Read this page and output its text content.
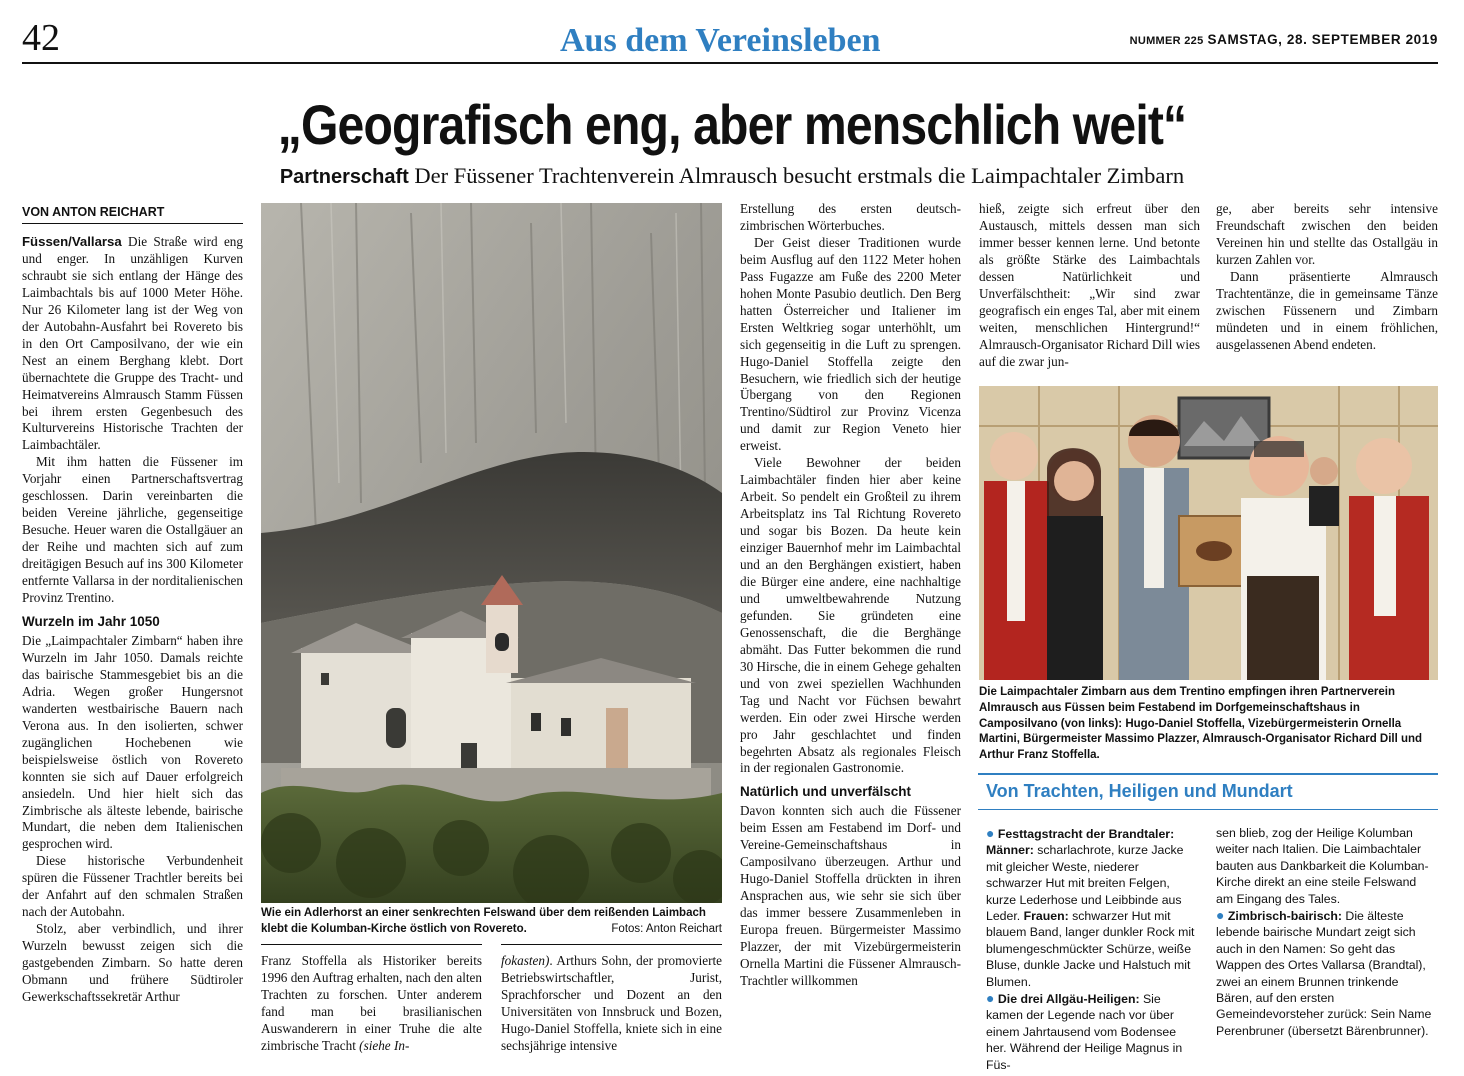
42	Aus dem Vereinsleben	NUMMER 225 SAMSTAG, 28. SEPTEMBER 2019
„Geografisch eng, aber menschlich weit“
Partnerschaft Der Füssener Trachtenverein Almrausch besucht erstmals die Laimpachtaler Zimbarn
VON ANTON REICHART

Füssen/Vallarsa Die Straße wird eng und enger. In unzähligen Kurven schraubt sie sich entlang der Hänge des Laimbachtals bis auf 1000 Meter Höhe. Nur 26 Kilometer lang ist der Weg von der Autobahn-Ausfahrt bei Rovereto bis in den Ort Camposilvano, der wie ein Nest an einem Berghang klebt. Dort übernachtete die Gruppe des Tracht- und Heimatvereins Almrausch Stamm Füssen bei ihrem ersten Gegenbesuch des Kulturvereins Historische Trachten der Laimbachtäler.

Mit ihm hatten die Füssener im Vorjahr einen Partnerschaftsvertrag geschlossen. Darin vereinbarten die beiden Vereine jährliche, gegenseitige Besuche. Heuer waren die Ostallgäuer an der Reihe und machten sich auf zum dreitägigen Besuch auf ins 300 Kilometer entfernte Vallarsa in der norditalienischen Provinz Trentino.

Wurzeln im Jahr 1050

Die „Laimpachtaler Zimbarn“ haben ihre Wurzeln im Jahr 1050. Damals reichte das bairische Stammesgebiet bis an die Adria. Wegen großer Hungersnot wanderten westbairische Bauern nach Verona aus. In den isolierten, schwer zugänglichen Hochebenen wie beispielsweise östlich von Rovereto konnten sie sich auf Dauer erfolgreich ansiedeln. Und hier hielt sich das Zimbrische als älteste lebende, bairische Mundart, die neben dem Italienischen gesprochen wird.

Diese historische Verbundenheit spüren die Füssener Trachtler bereits bei der Anfahrt auf den schmalen Straßen nach der Autobahn.

Stolz, aber verbindlich, und ihrer Wurzeln bewusst zeigen sich die gastgebenden Zimbarn. So hatte deren Obmann und frühere Südtiroler Gewerkschaftssekretär Arthur

Wie ein Adlerhorst an einer senkrechten Felswand über dem reißenden Laimbach klebt die Kolumban-Kirche östlich von Rovereto.	Fotos: Anton Reichart

Franz Stoffella als Historiker bereits 1996 den Auftrag erhalten, nach den alten Trachten zu forschen. Unter anderem fand man bei brasilianischen Auswanderern in einer Truhe die alte zimbrische Tracht (siehe In-

fokasten). Arthurs Sohn, der promovierte Betriebswirtschaftler, Jurist, Sprachforscher und Dozent an den Universitäten von Innsbruck und Bozen, Hugo-Daniel Stoffella, kniete sich in eine sechsjährige intensive

Erstellung des ersten deutsch-zimbrischen Wörterbuches.

Der Geist dieser Traditionen wurde beim Ausflug auf den 1122 Meter hohen Pass Fugazze am Fuße des 2200 Meter hohen Monte Pasubio deutlich. Den Berg hatten Österreicher und Italiener im Ersten Weltkrieg sogar unterhöhlt, um sich gegenseitig in die Luft zu sprengen. Hugo-Daniel Stoffella zeigte den Besuchern, wie friedlich sich der heutige Übergang von den Regionen Trentino/Südtirol zur Provinz Vicenza und damit zur Region Veneto hier erweist.

Viele Bewohner der beiden Laimbachtäler finden hier aber keine Arbeit. So pendelt ein Großteil zu ihrem Arbeitsplatz ins Tal Richtung Rovereto und sogar bis Bozen. Da heute kein einziger Bauernhof mehr im Laimbachtal und an den Berghängen existiert, haben die Bürger eine andere, eine nachhaltige und umweltbewahrende Nutzung gefunden. Sie gründeten eine Genossenschaft, die die Berghänge abmäht. Das Futter bekommen die rund 30 Hirsche, die in einem Gehege gehalten und von zwei speziellen Wachhunden Tag und Nacht vor Füchsen bewahrt werden. Ein oder zwei Hirsche werden pro Jahr geschlachtet und finden begehrten Absatz als regionales Fleisch in der regionalen Gastronomie.

Natürlich und unverfälscht

Davon konnten sich auch die Füssener beim Essen am Festabend im Dorf- und Vereine-Gemeinschaftshaus in Camposilvano überzeugen. Arthur und Hugo-Daniel Stoffella drückten in ihren Ansprachen aus, wie sehr sie sich über das immer bessere Zusammenleben in Europa freuen. Bürgermeister Massimo Plazzer, der mit Vizebürgermeisterin Ornella Martini die Füssener Almrausch-Trachtler willkommen

hieß, zeigte sich erfreut über den Austausch, mittels dessen man sich immer besser kennen lerne. Und betonte als größte Stärke des Laimbachtals dessen Natürlichkeit und Unverfälschtheit: „Wir sind zwar geografisch ein enges Tal, aber mit einem weiten, menschlichen Hintergrund!“ Almrausch-Organisator Richard Dill wies auf die zwar jun-

ge, aber bereits sehr intensive Freundschaft zwischen den beiden Vereinen hin und stellte das Ostallgäu in kurzen Zahlen vor.

Dann präsentierte Almrausch Trachtentänze, die in gemeinsame Tänze zwischen Füssenern und Zimbarn mündeten und in einem fröhlichen, ausgelassenen Abend endeten.

Die Laimpachtaler Zimbarn aus dem Trentino empfingen ihren Partnerverein Almrausch aus Füssen beim Festabend im Dorfgemeinschaftshaus in Camposilvano (von links): Hugo-Daniel Stoffella, Vizebürgermeisterin Ornella Martini, Bürgermeister Massimo Plazzer, Almrausch-Organisator Richard Dill und Arthur Franz Stoffella.
Von Trachten, Heiligen und Mundart
● Festtagstracht der Brandtaler: Männer: scharlachrote, kurze Jacke mit gleicher Weste, niederer schwarzer Hut mit breiten Felgen, kurze Lederhose und Leibbinde aus Leder. Frauen: schwarzer Hut mit blauem Band, langer dunkler Rock mit blumengeschmückter Schürze, weiße Bluse, dunkle Jacke und Halstuch mit Blumen.
● Die drei Allgäu-Heiligen: Sie kamen der Legende nach vor über einem Jahrtausend vom Bodensee her. Während der Heilige Magnus in Füs-
sen blieb, zog der Heilige Kolumban weiter nach Italien. Die Laimbachtaler bauten aus Dankbarkeit die Kolumban-Kirche direkt an eine steile Felswand am Eingang des Tales.
● Zimbrisch-bairisch: Die älteste lebende bairische Mundart zeigt sich auch in den Namen: So geht das Wappen des Ortes Vallarsa (Brandtal), zwei an einem Brunnen trinkende Bären, auf den ersten Gemeindevorsteher zurück: Sein Name Perenbruner (übersetzt Bärenbrunner).
